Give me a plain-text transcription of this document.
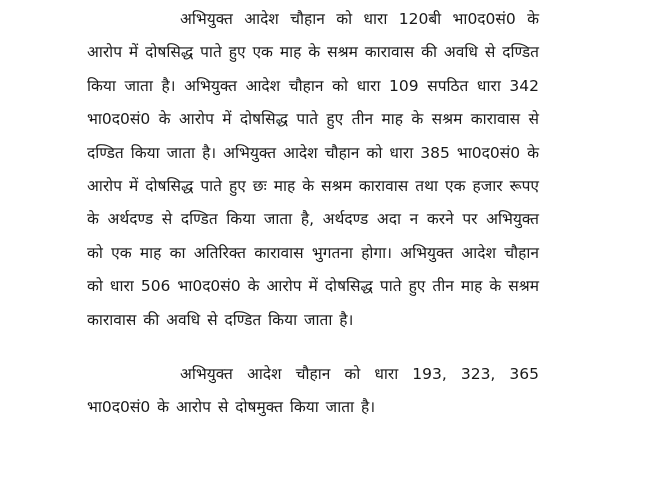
अभियुक्त आदेश चौहान को धारा 120बी भा0द0सं0 के आरोप में दोषसिद्ध पाते हुए एक माह के सश्रम कारावास की अवधि से दण्डित किया जाता है। अभियुक्त आदेश चौहान को धारा 109 सपठित धारा 342 भा0द0सं0 के आरोप में दोषसिद्ध पाते हुए तीन माह के सश्रम कारावास से दण्डित किया जाता है। अभियुक्त आदेश चौहान को धारा 385 भा0द0सं0 के आरोप में दोषसिद्ध पाते हुए छः माह के सश्रम कारावास तथा एक हजार रूपए के अर्थदण्ड से दण्डित किया जाता है, अर्थदण्ड अदा न करने पर अभियुक्त को एक माह का अतिरिक्त कारावास भुगतना होगा। अभियुक्त आदेश चौहान को धारा 506 भा0द0सं0 के आरोप में दोषसिद्ध पाते हुए तीन माह के सश्रम कारावास की अवधि से दण्डित किया जाता है।

अभियुक्त आदेश चौहान को धारा 193, 323, 365 भा0द0सं0 के आरोप से दोषमुक्त किया जाता है।
